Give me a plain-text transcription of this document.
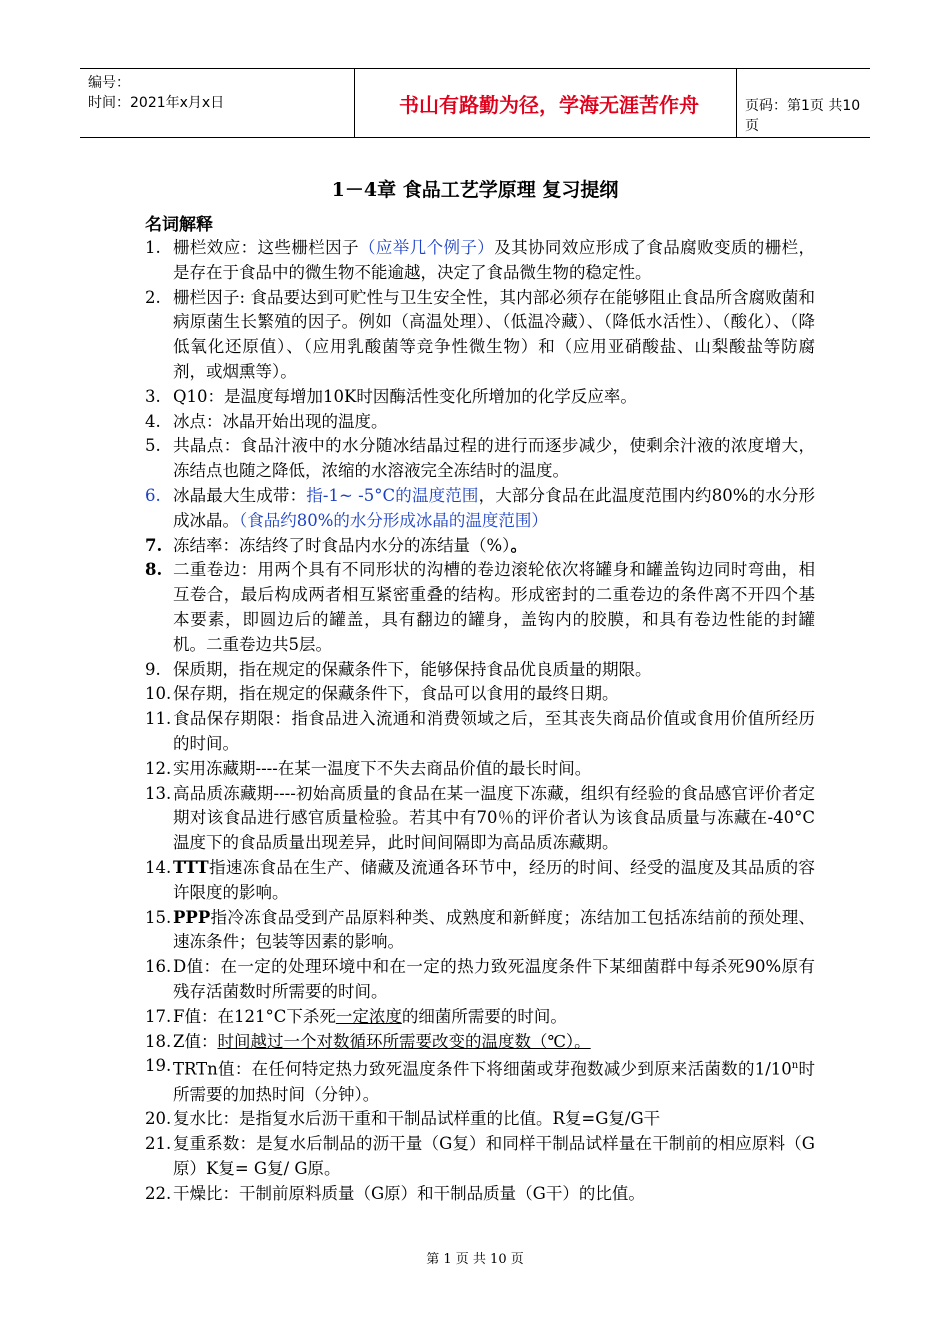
编号：
时间：2021年x月x日	书山有路勤为径，学海无涯苦作舟	页码：第1页 共10页
1－4章 食品工艺学原理 复习提纲
名词解释
1. 栅栏效应：这些栅栏因子（应举几个例子）及其协同效应形成了食品腐败变质的栅栏，是存在于食品中的微生物不能逾越，决定了食品微生物的稳定性。
2. 栅栏因子: 食品要达到可贮性与卫生安全性，其内部必须存在能够阻止食品所含腐败菌和病原菌生长繁殖的因子。例如（高温处理）、（低温冷藏）、（降低水活性）、（酸化）、（降低氧化还原值）、（应用乳酸菌等竞争性微生物）和（应用亚硝酸盐、山梨酸盐等防腐剂，或烟熏等）。
3. Q10：是温度每增加10K时因酶活性变化所增加的化学反应率。
4. 冰点：冰晶开始出现的温度。
5. 共晶点：食品汁液中的水分随冰结晶过程的进行而逐步减少，使剩余汁液的浓度增大，冻结点也随之降低，浓缩的水溶液完全冻结时的温度。
6. 冰晶最大生成带：指-1~ -5°C的温度范围，大部分食品在此温度范围内约80%的水分形成冰晶。（食品约80%的水分形成冰晶的温度范围）
7. 冻结率：冻结终了时食品内水分的冻结量（%）。
8. 二重卷边：用两个具有不同形状的沟槽的卷边滚轮依次将罐身和罐盖钩边同时弯曲，相互卷合，最后构成两者相互紧密重叠的结构。形成密封的二重卷边的条件离不开四个基本要素，即圆边后的罐盖，具有翻边的罐身，盖钩内的胶膜，和具有卷边性能的封罐机。二重卷边共5层。
9. 保质期，指在规定的保藏条件下，能够保持食品优良质量的期限。
10. 保存期，指在规定的保藏条件下，食品可以食用的最终日期。
11. 食品保存期限：指食品进入流通和消费领域之后，至其丧失商品价值或食用价值所经历的时间。
12. 实用冻藏期----在某一温度下不失去商品价值的最长时间。
13. 高品质冻藏期----初始高质量的食品在某一温度下冻藏，组织有经验的食品感官评价者定期对该食品进行感官质量检验。若其中有70％的评价者认为该食品质量与冻藏在-40°C温度下的食品质量出现差异，此时间间隔即为高品质冻藏期。
14. TTT指速冻食品在生产、储藏及流通各环节中，经历的时间、经受的温度及其品质的容许限度的影响。
15. PPP指冷冻食品受到产品原料种类、成熟度和新鲜度；冻结加工包括冻结前的预处理、速冻条件；包装等因素的影响。
16. D值：在一定的处理环境中和在一定的热力致死温度条件下某细菌群中每杀死90%原有残存活菌数时所需要的时间。
17. F值：在121°C下杀死一定浓度的细菌所需要的时间。
18. Z值：时间越过一个对数循环所需要改变的温度数（℃）。
19. TRTn值：在任何特定热力致死温度条件下将细菌或芽孢数减少到原来活菌数的1/10$^n$时所需要的加热时间（分钟）。
20. 复水比：是指复水后沥干重和干制品试样重的比值。R复=G复/G干
21. 复重系数：是复水后制品的沥干量（G复）和同样干制品试样量在干制前的相应原料（G原）K复= G复/ G原。
22. 干燥比：干制前原料质量（G原）和干制品质量（G干）的比值。
第 1 页 共 10 页
